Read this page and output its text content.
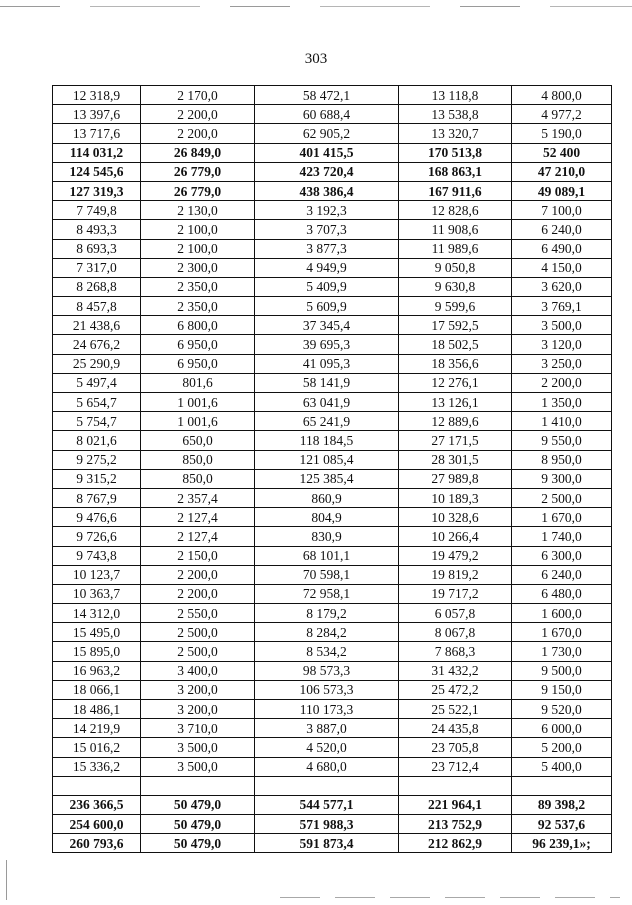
303
12 318,9	2 170,0	58 472,1	13 118,8	4 800,0
13 397,6	2 200,0	60 688,4	13 538,8	4 977,2
13 717,6	2 200,0	62 905,2	13 320,7	5 190,0
114 031,2	26 849,0	401 415,5	170 513,8	52 400
124 545,6	26 779,0	423 720,4	168 863,1	47 210,0
127 319,3	26 779,0	438 386,4	167 911,6	49 089,1
7 749,8	2 130,0	3 192,3	12 828,6	7 100,0
8 493,3	2 100,0	3 707,3	11 908,6	6 240,0
8 693,3	2 100,0	3 877,3	11 989,6	6 490,0
7 317,0	2 300,0	4 949,9	9 050,8	4 150,0
8 268,8	2 350,0	5 409,9	9 630,8	3 620,0
8 457,8	2 350,0	5 609,9	9 599,6	3 769,1
21 438,6	6 800,0	37 345,4	17 592,5	3 500,0
24 676,2	6 950,0	39 695,3	18 502,5	3 120,0
25 290,9	6 950,0	41 095,3	18 356,6	3 250,0
5 497,4	801,6	58 141,9	12 276,1	2 200,0
5 654,7	1 001,6	63 041,9	13 126,1	1 350,0
5 754,7	1 001,6	65 241,9	12 889,6	1 410,0
8 021,6	650,0	118 184,5	27 171,5	9 550,0
9 275,2	850,0	121 085,4	28 301,5	8 950,0
9 315,2	850,0	125 385,4	27 989,8	9 300,0
8 767,9	2 357,4	860,9	10 189,3	2 500,0
9 476,6	2 127,4	804,9	10 328,6	1 670,0
9 726,6	2 127,4	830,9	10 266,4	1 740,0
9 743,8	2 150,0	68 101,1	19 479,2	6 300,0
10 123,7	2 200,0	70 598,1	19 819,2	6 240,0
10 363,7	2 200,0	72 958,1	19 717,2	6 480,0
14 312,0	2 550,0	8 179,2	6 057,8	1 600,0
15 495,0	2 500,0	8 284,2	8 067,8	1 670,0
15 895,0	2 500,0	8 534,2	7 868,3	1 730,0
16 963,2	3 400,0	98 573,3	31 432,2	9 500,0
18 066,1	3 200,0	106 573,3	25 472,2	9 150,0
18 486,1	3 200,0	110 173,3	25 522,1	9 520,0
14 219,9	3 710,0	3 887,0	24 435,8	6 000,0
15 016,2	3 500,0	4 520,0	23 705,8	5 200,0
15 336,2	3 500,0	4 680,0	23 712,4	5 400,0

236 366,5	50 479,0	544 577,1	221 964,1	89 398,2
254 600,0	50 479,0	571 988,3	213 752,9	92 537,6
260 793,6	50 479,0	591 873,4	212 862,9	96 239,1»;
